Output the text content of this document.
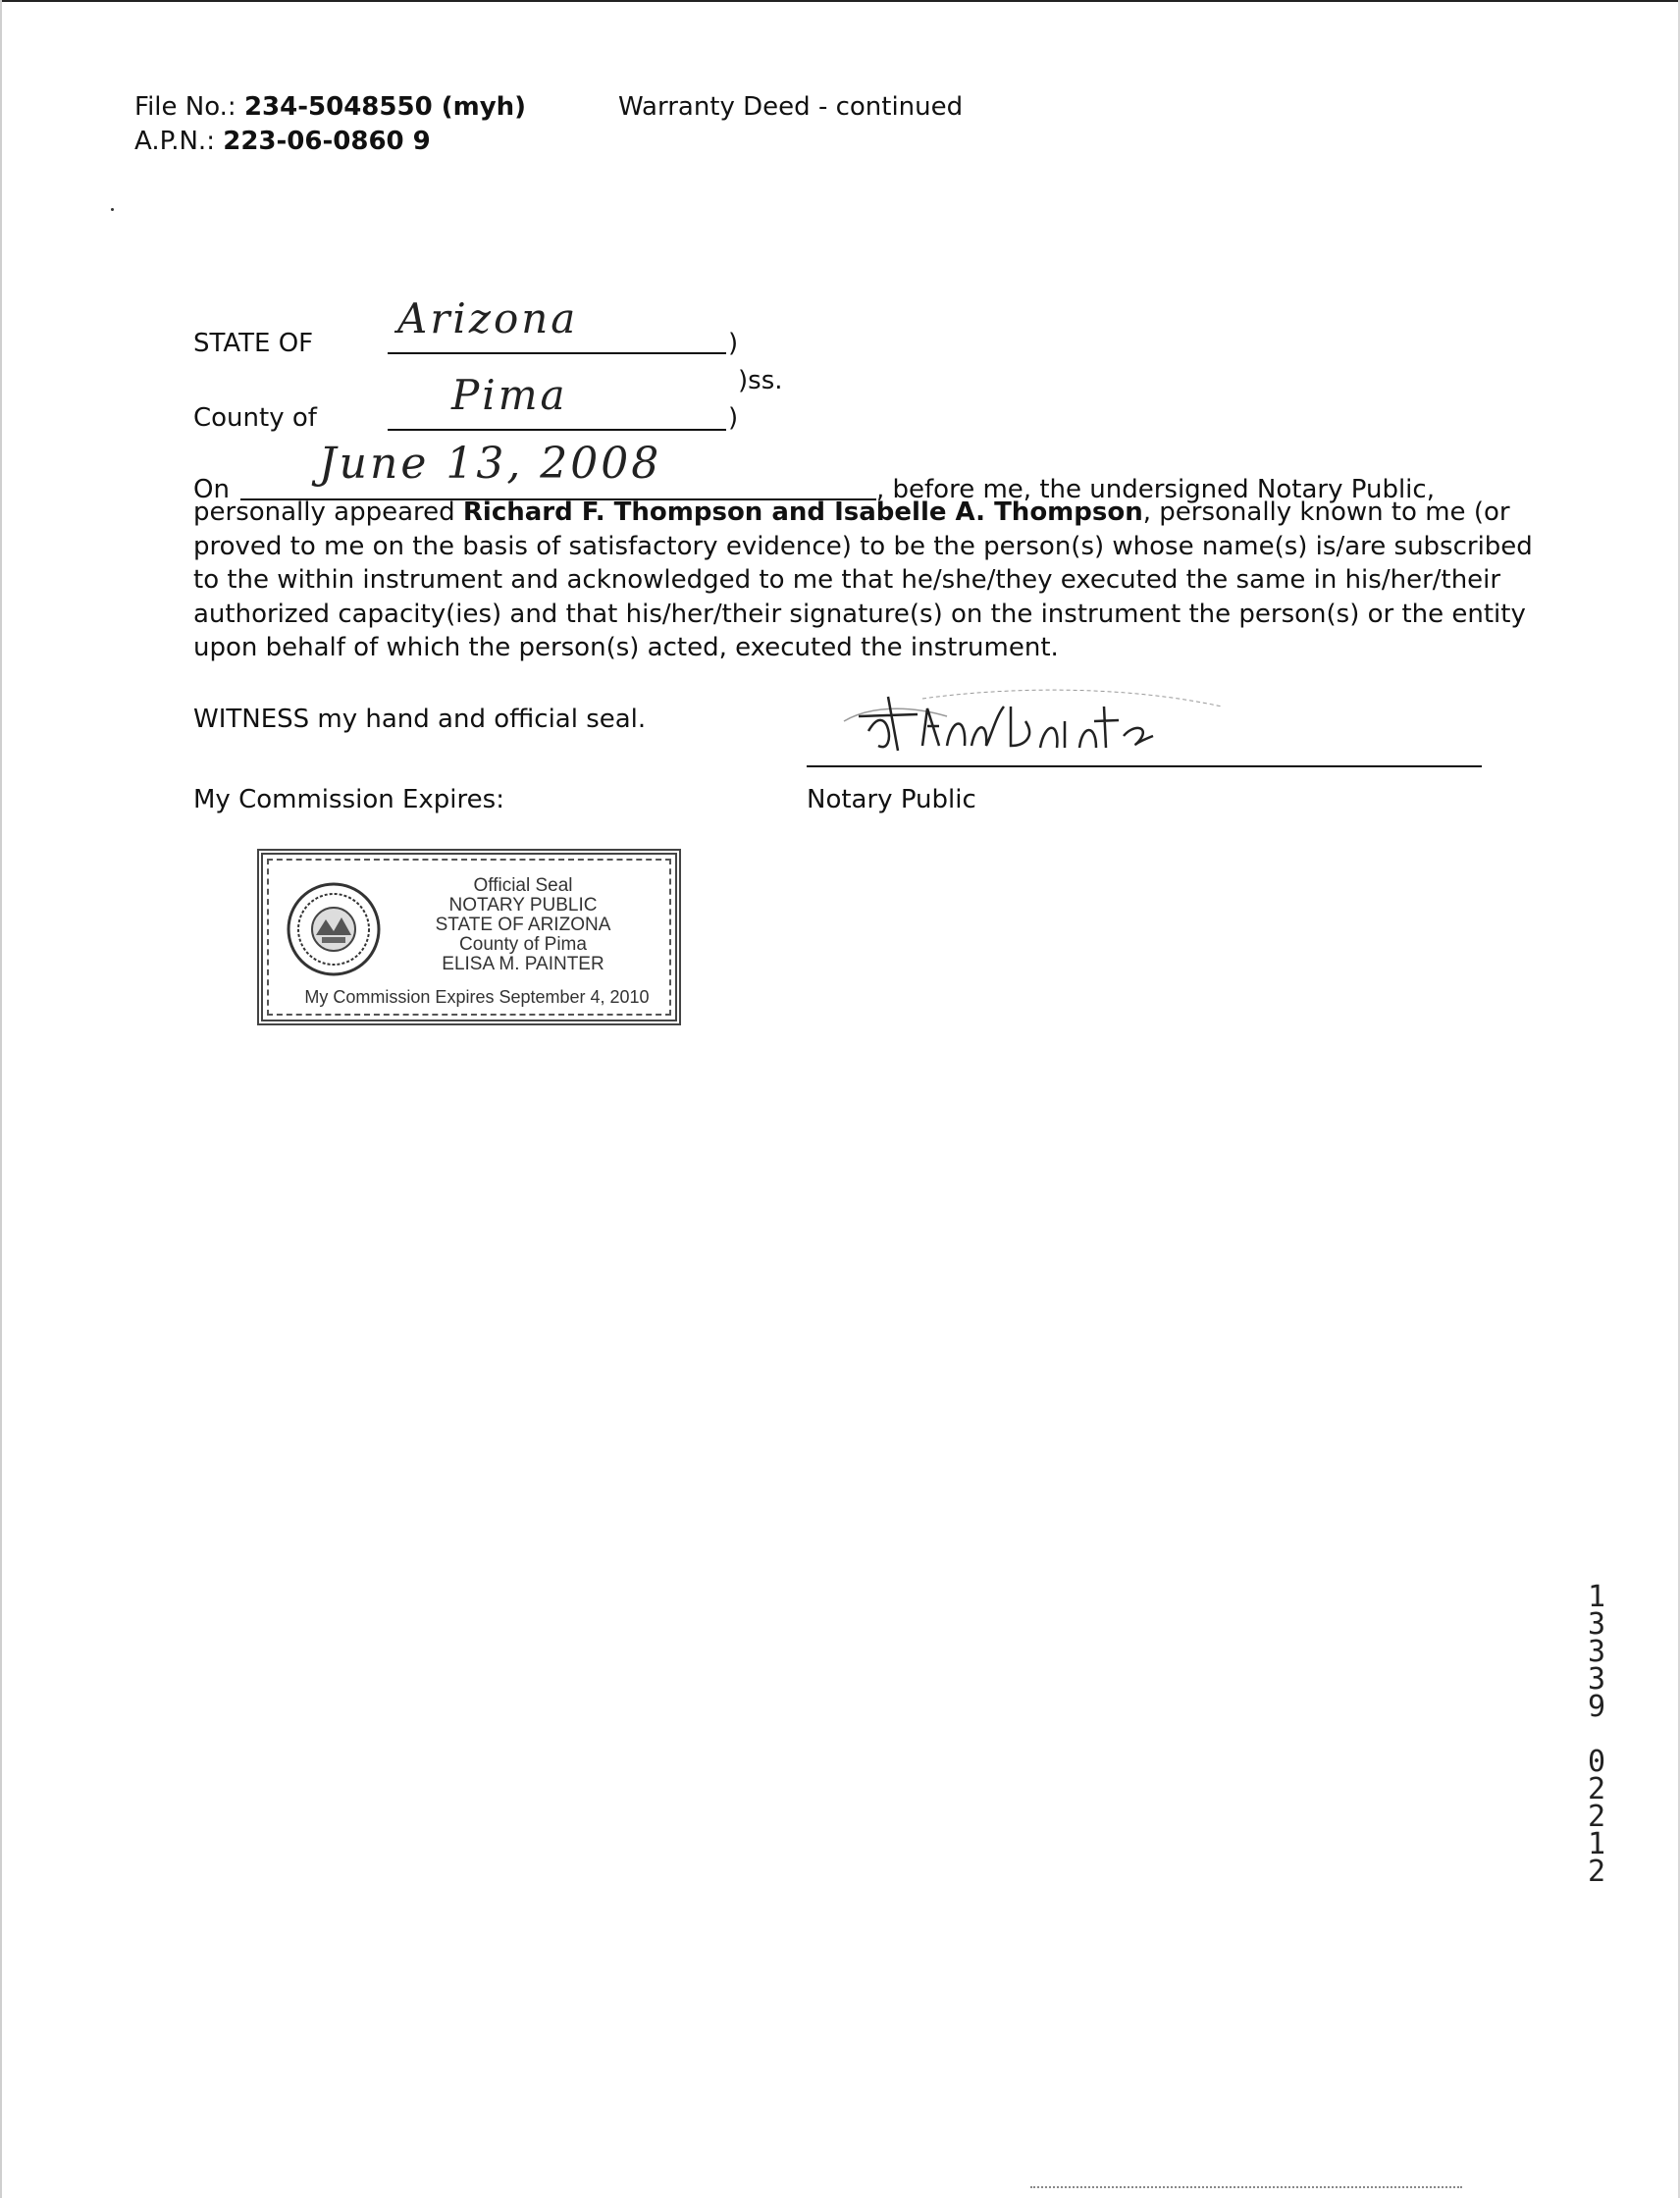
File No.: 234-5048550 (myh)
A.P.N.: 223-06-0860 9
Warranty Deed - continued
STATE OF
Arizona
)
)ss.
County of	Pima	)
On
June 13, 2008
, before me, the undersigned Notary Public,
personally appeared Richard F. Thompson and Isabelle A. Thompson, personally known to me (or
proved to me on the basis of satisfactory evidence) to be the person(s) whose name(s) is/are subscribed
to the within instrument and acknowledged to me that he/she/they executed the same in his/her/their
authorized capacity(ies) and that his/her/their signature(s) on the instrument the person(s) or the entity
upon behalf of which the person(s) acted, executed the instrument.
WITNESS my hand and official seal.
My Commission Expires:	Notary Public
Official Seal
NOTARY PUBLIC
STATE OF ARIZONA
County of Pima
ELISA M. PAINTER
My Commission Expires September 4, 2010
1
3
3
3
9

0
2
2
1
2
